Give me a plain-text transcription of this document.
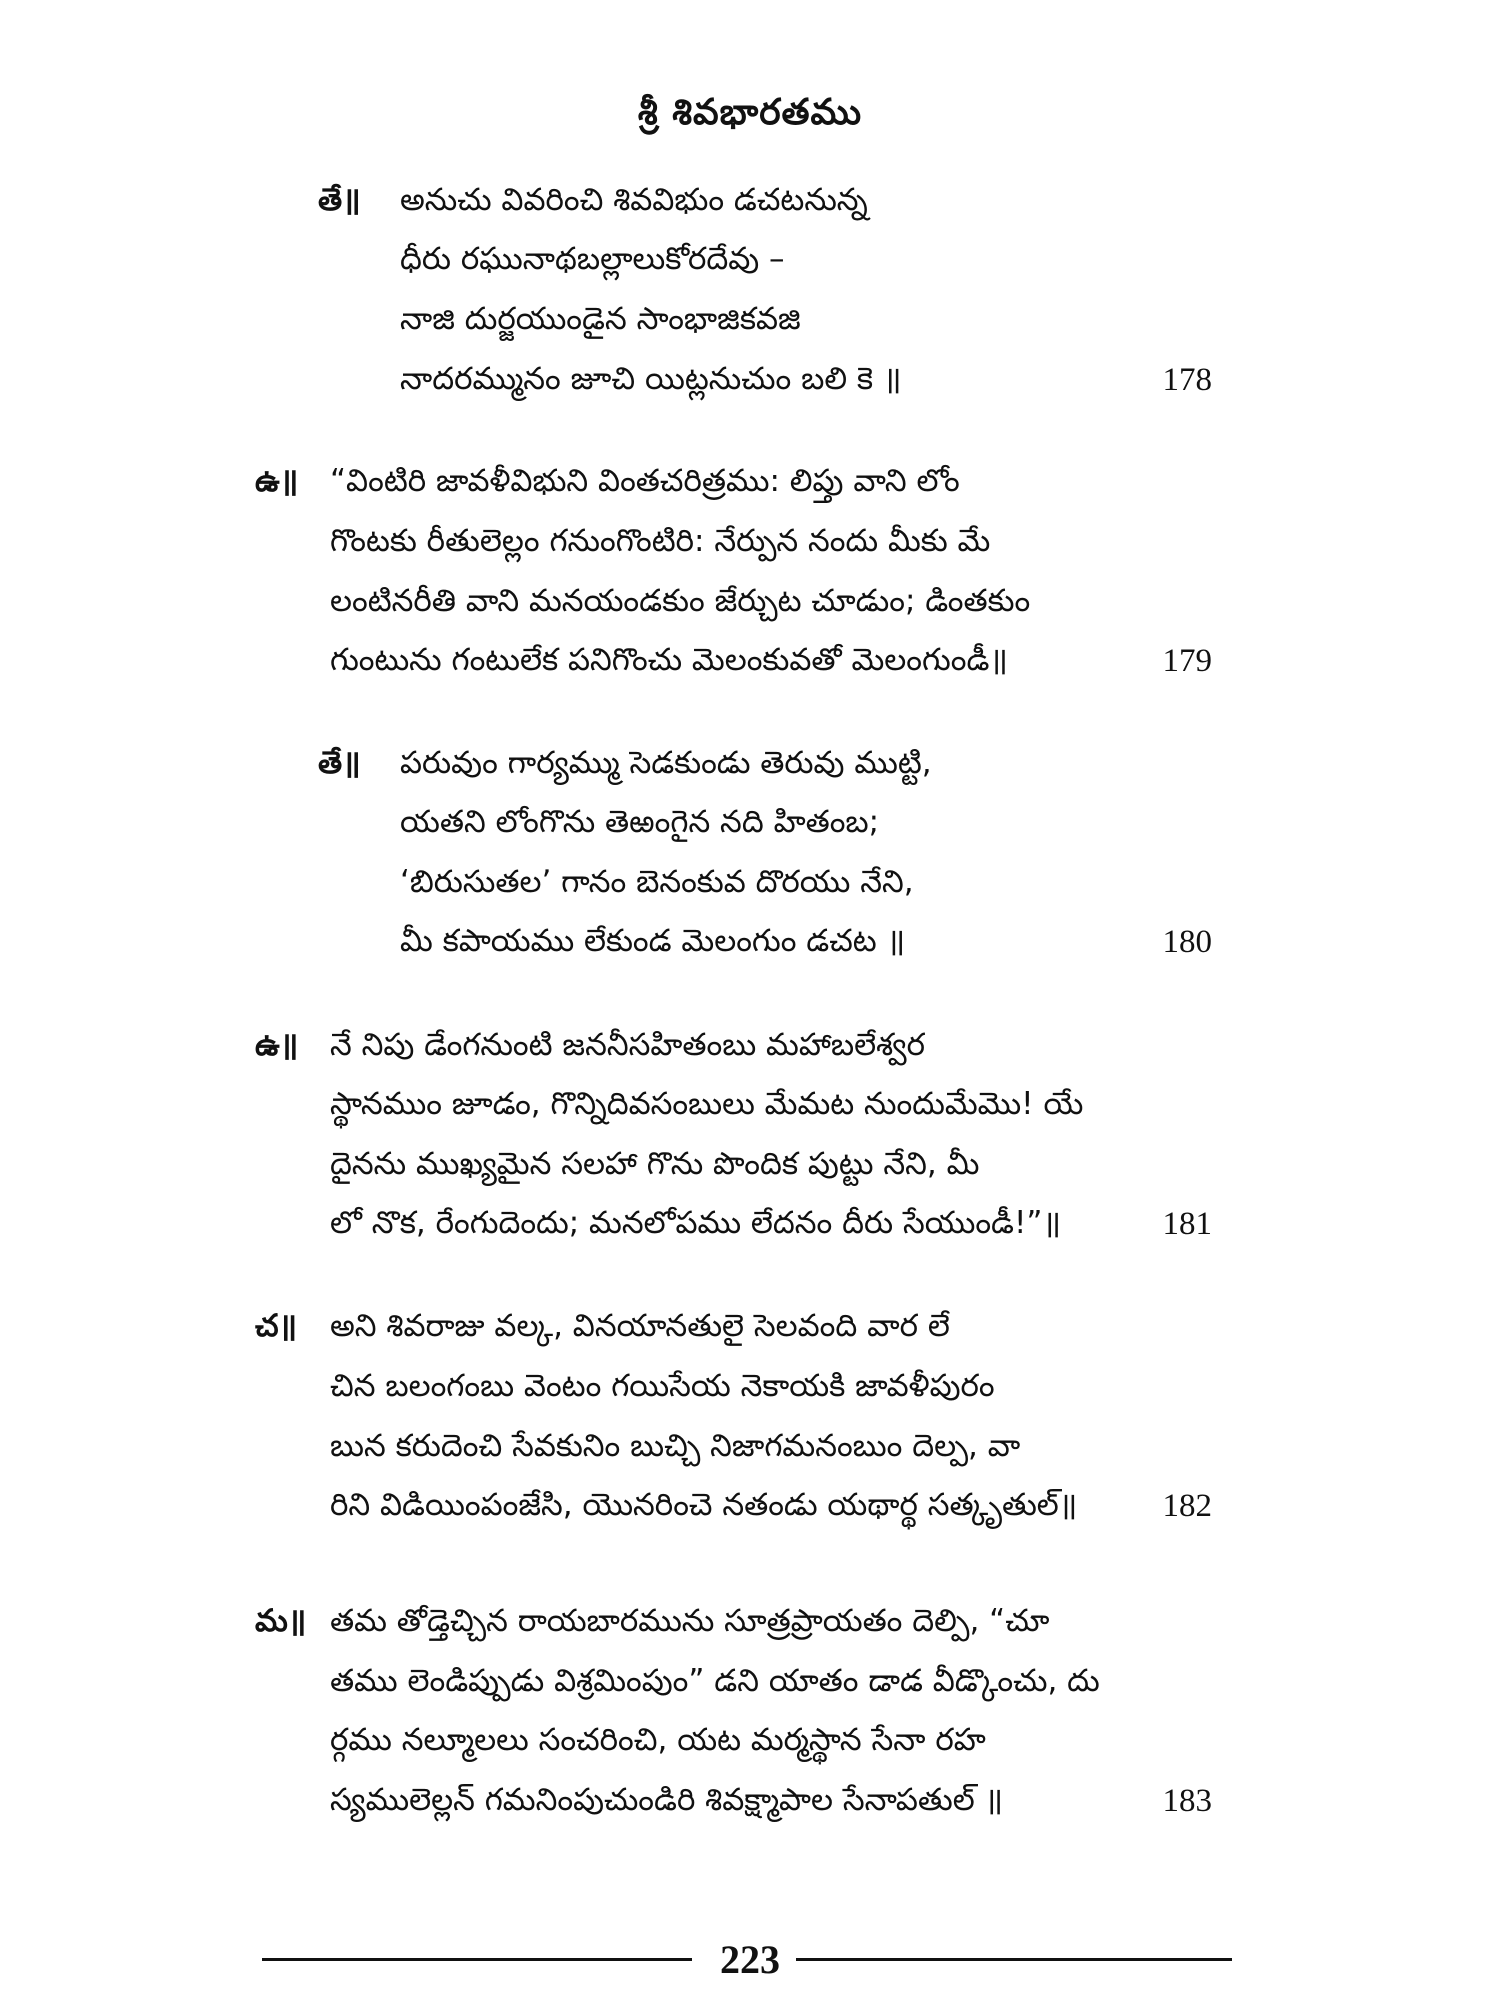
శ్రీ శివభారతము
తే॥ అనుచు వివరించి శివవిభుం డచటనున్న
ధీరు రఘునాథబల్లాలుకోరదేవు –
నాజి దుర్జయుండైన సాంభాజికవజి
నాదరమ్మునం జూచి యిట్లనుచుం బలి కె ॥	178
ఉ॥ “వింటిరి జావళీవిభుని వింతచరిత్రము: లిప్తు వాని లోం
గొంటకు రీతులెల్లం గనుంగొంటిరి: నేర్పున నందు మీకు మే
లంటినరీతి వాని మనయండకుం జేర్చుట చూడుం; డింతకుం
గుంటును గంటులేక పనిగొంచు మెలంకువతో మెలంగుండీ॥	179
తే॥ పరువుం గార్యమ్ము సెడకుండు తెరువు ముట్టి,
యతని లోంగొను తెఱంగైన నది హితంబ;
‘బిరుసుతల’ గానం బెనంకువ దొరయు నేని,
మీ కపాయము లేకుండ మెలంగుం డచట ॥	180
ఉ॥ నే నిపు డేంగనుంటి జననీసహితంబు మహాబలేశ్వర
స్థానముం జూడం, గొన్నిదివసంబులు మేమట నుందుమేమొ! యే
దైనను ముఖ్యమైన సలహా గొను పొందిక పుట్టు నేని, మీ
లో నొక, రేంగుదెందు; మనలోపము లేదనం దీరు సేయుండీ!”॥	181
చ॥ అని శివరాజు వల్క, వినయానతులై సెలవంది వార లే
చిన బలంగంబు వెంటం గయిసేయ నెకాయకి జావళీపురం
బున కరుదెంచి సేవకునిం బుచ్చి నిజాగమనంబుం దెల్ప, వా
రిని విడియింపంజేసి, యొనరించె నతండు యథార్థ సత్కృతుల్॥	182
మ॥ తమ తోడ్తెచ్చిన రాయబారమును సూత్రప్రాయతం దెల్పి, “చూ
తము లెండిప్పుడు విశ్రమింపుం” డని యాతం డాడ వీడ్కొంచు, దు
ర్గము నల్మూలలు సంచరించి, యట మర్మస్థాన సేనా రహ
స్యములెల్లన్ గమనింపుచుండిరి శివక్ష్మాపాల సేనాపతుల్ ॥	183
223
